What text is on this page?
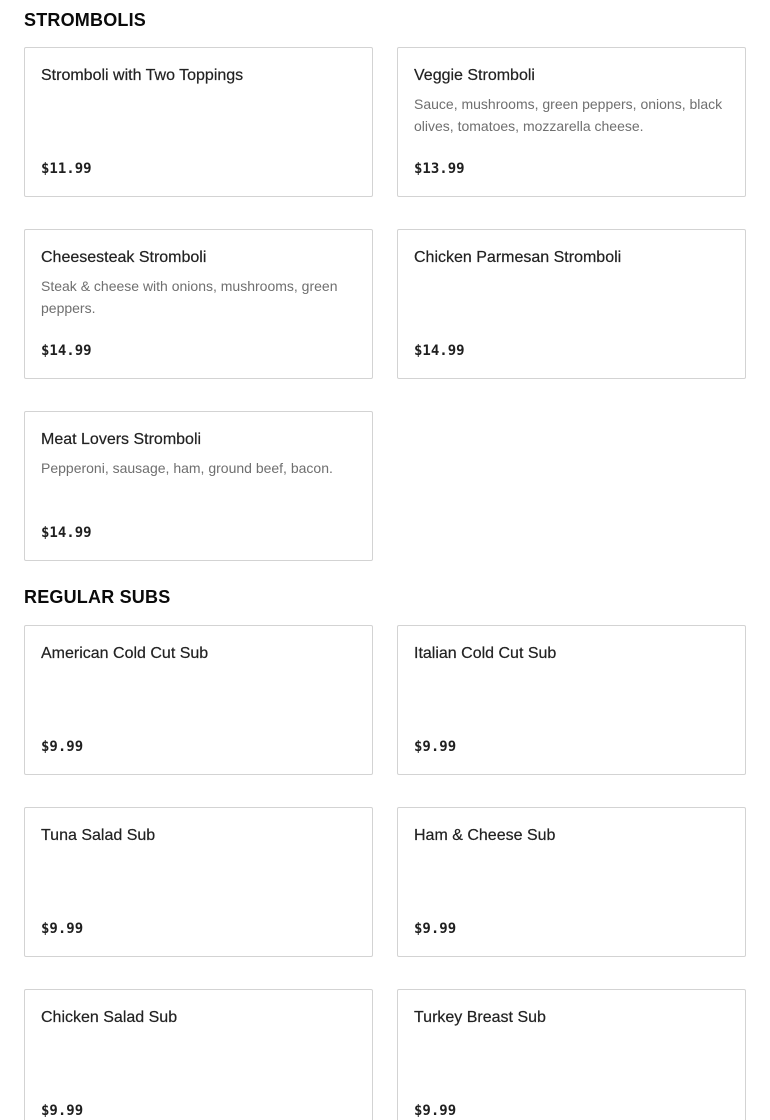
STROMBOLIS
Stromboli with Two Toppings
$11.99
Veggie Stromboli
Sauce, mushrooms, green peppers, onions, black olives, tomatoes, mozzarella cheese.
$13.99
Cheesesteak Stromboli
Steak & cheese with onions, mushrooms, green peppers.
$14.99
Chicken Parmesan Stromboli
$14.99
Meat Lovers Stromboli
Pepperoni, sausage, ham, ground beef, bacon.
$14.99
REGULAR SUBS
American Cold Cut Sub
$9.99
Italian Cold Cut Sub
$9.99
Tuna Salad Sub
$9.99
Ham & Cheese Sub
$9.99
Chicken Salad Sub
$9.99
Turkey Breast Sub
$9.99
